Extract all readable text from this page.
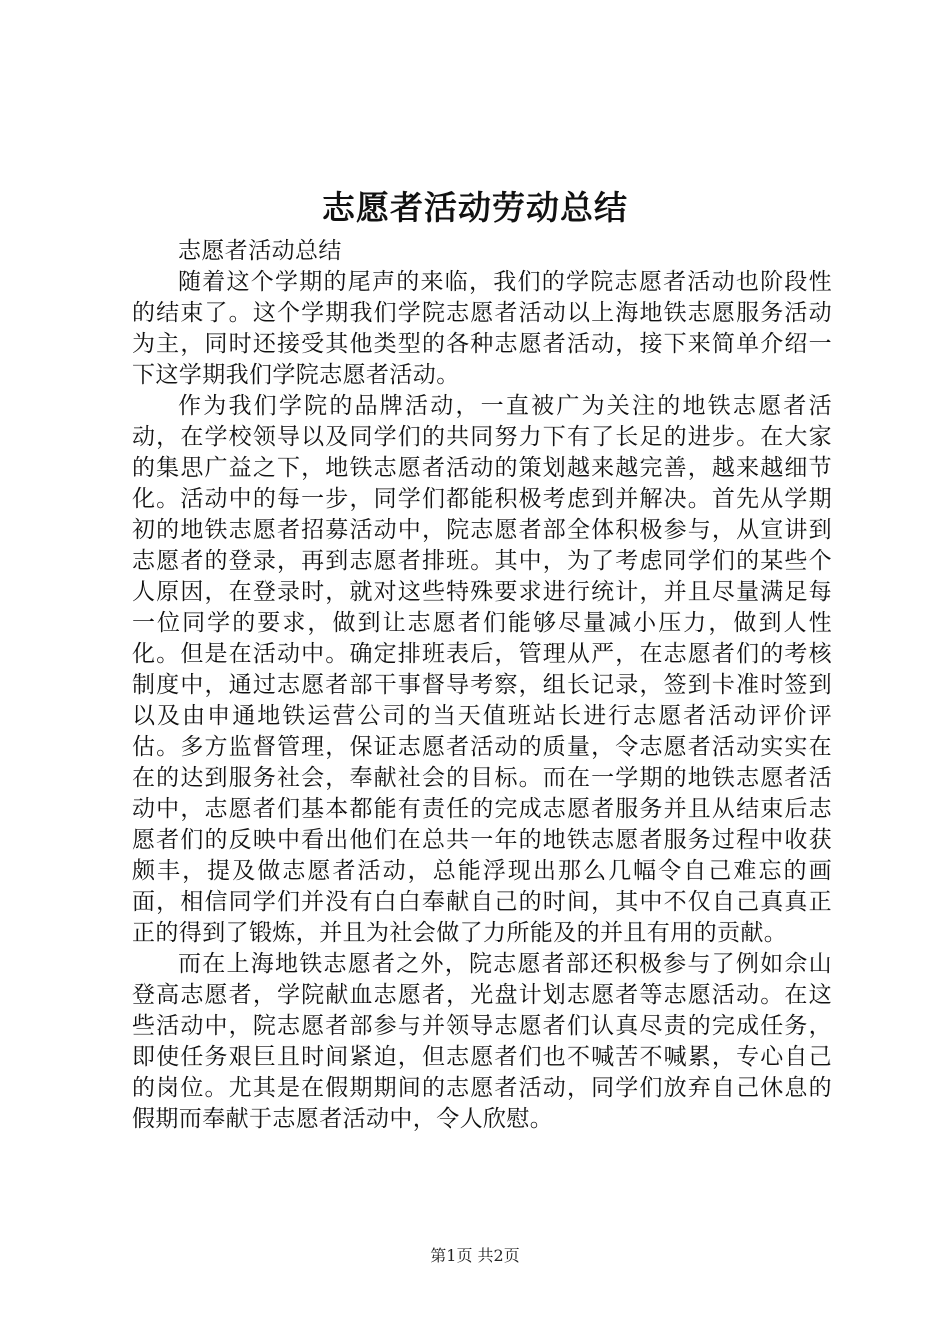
志愿者活动劳动总结

志愿者活动总结

随着这个学期的尾声的来临，我们的学院志愿者活动也阶段性的结束了。这个学期我们学院志愿者活动以上海地铁志愿服务活动为主，同时还接受其他类型的各种志愿者活动，接下来简单介绍一下这学期我们学院志愿者活动。

作为我们学院的品牌活动，一直被广为关注的地铁志愿者活动，在学校领导以及同学们的共同努力下有了长足的进步。在大家的集思广益之下，地铁志愿者活动的策划越来越完善，越来越细节化。活动中的每一步，同学们都能积极考虑到并解决。首先从学期初的地铁志愿者招募活动中，院志愿者部全体积极参与，从宣讲到志愿者的登录，再到志愿者排班。其中，为了考虑同学们的某些个人原因，在登录时，就对这些特殊要求进行统计，并且尽量满足每一位同学的要求，做到让志愿者们能够尽量减小压力，做到人性化。但是在活动中。确定排班表后，管理从严，在志愿者们的考核制度中，通过志愿者部干事督导考察，组长记录，签到卡准时签到以及由申通地铁运营公司的当天值班站长进行志愿者活动评价评估。多方监督管理，保证志愿者活动的质量，令志愿者活动实实在在的达到服务社会，奉献社会的目标。而在一学期的地铁志愿者活动中，志愿者们基本都能有责任的完成志愿者服务并且从结束后志愿者们的反映中看出他们在总共一年的地铁志愿者服务过程中收获颇丰，提及做志愿者活动，总能浮现出那么几幅令自己难忘的画面，相信同学们并没有白白奉献自己的时间，其中不仅自己真真正正的得到了锻炼，并且为社会做了力所能及的并且有用的贡献。

而在上海地铁志愿者之外，院志愿者部还积极参与了例如佘山登高志愿者，学院献血志愿者，光盘计划志愿者等志愿活动。在这些活动中，院志愿者部参与并领导志愿者们认真尽责的完成任务，即使任务艰巨且时间紧迫，但志愿者们也不喊苦不喊累，专心自己的岗位。尤其是在假期期间的志愿者活动，同学们放弃自己休息的假期而奉献于志愿者活动中，令人欣慰。

第1页 共2页
